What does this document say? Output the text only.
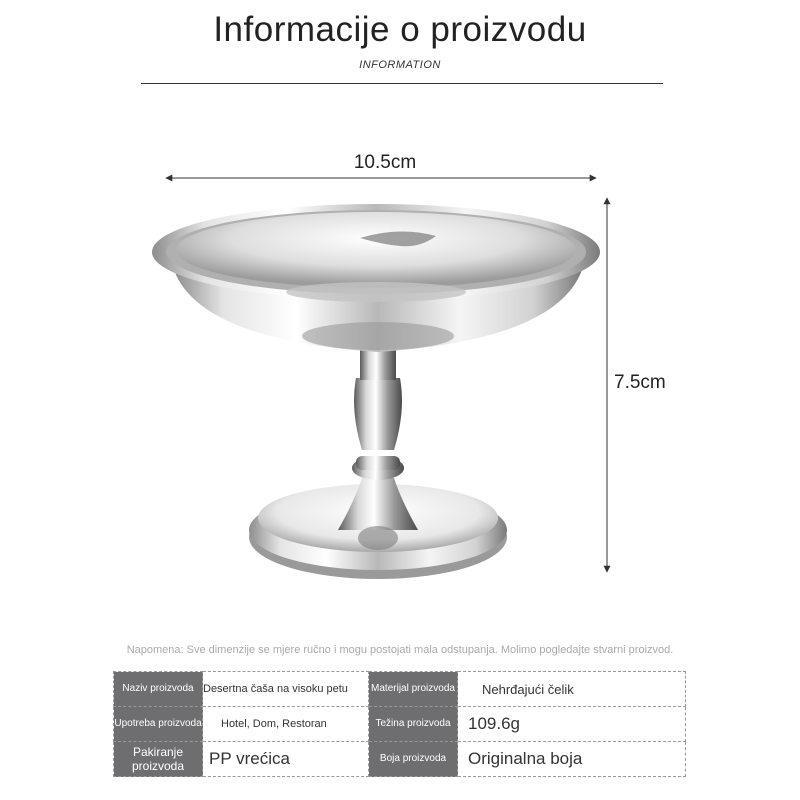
Informacije o proizvodu
INFORMATION
10.5cm
7.5cm
Napomena: Sve dimenzije se mjere ručno i mogu postojati mala odstupanja. Molimo pogledajte stvarni proizvod.
Naziv proizvoda	Desertna čaša na visoku petu	Materijal proizvoda	Nehrđajući čelik
Upotreba proizvoda	Hotel, Dom, Restoran	Težina proizvoda	109.6g
Pakiranje proizvoda	PP vrećica	Boja proizvoda	Originalna boja
